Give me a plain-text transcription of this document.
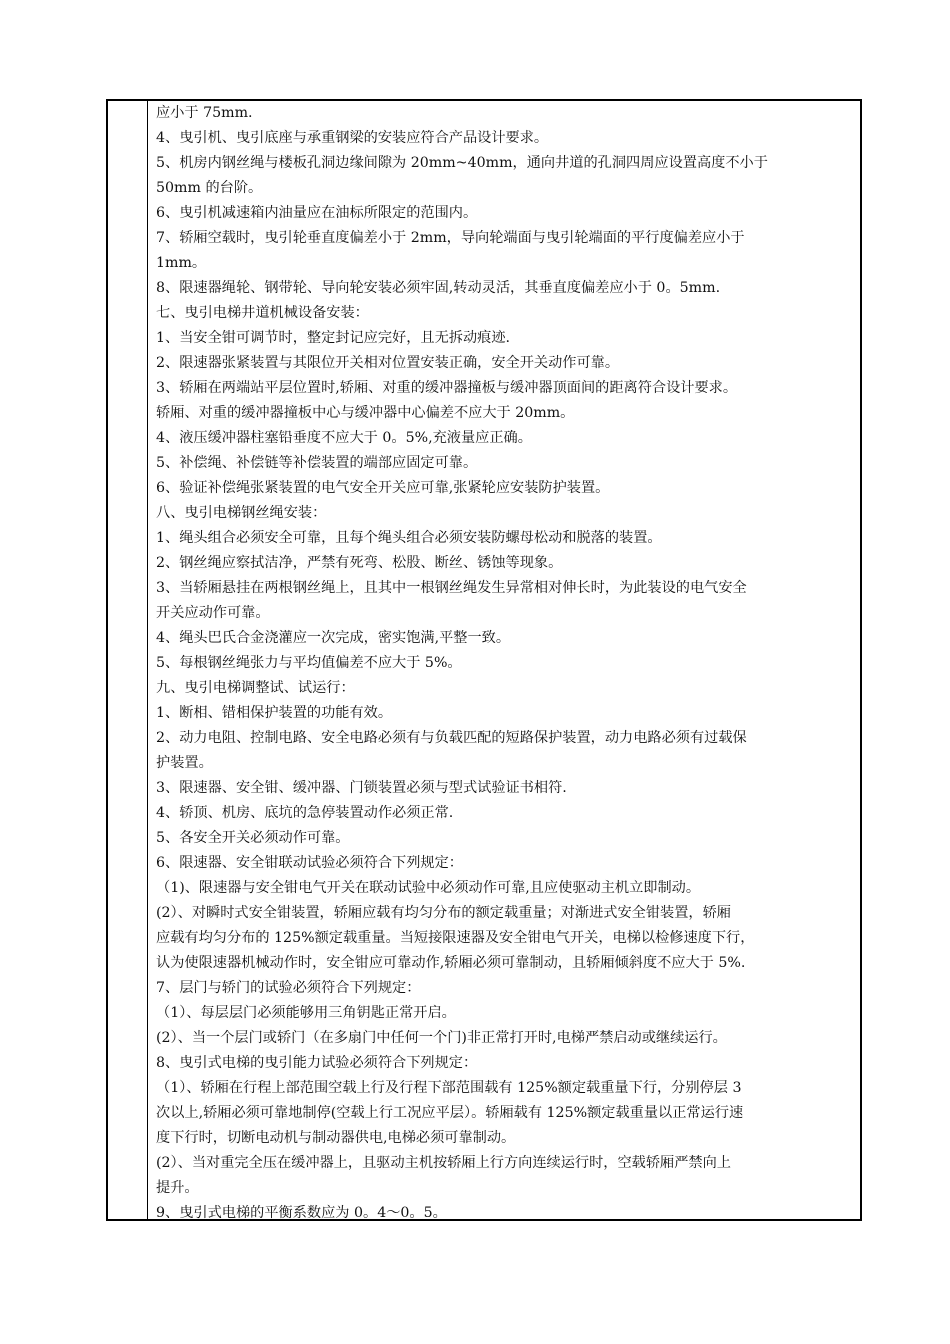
应小于 75mm.
4、曳引机、曳引底座与承重钢梁的安装应符合产品设计要求。
5、机房内钢丝绳与楼板孔洞边缘间隙为 20mm~40mm，通向井道的孔洞四周应设置高度不小于
50mm 的台阶。
6、曳引机减速箱内油量应在油标所限定的范围内。
7、轿厢空载时，曳引轮垂直度偏差小于 2mm，导向轮端面与曳引轮端面的平行度偏差应小于
1mm。
8、限速器绳轮、钢带轮、导向轮安装必须牢固,转动灵活，其垂直度偏差应小于 0。5mm.
七、曳引电梯井道机械设备安装：
1、当安全钳可调节时，整定封记应完好，且无拆动痕迹.
2、限速器张紧装置与其限位开关相对位置安装正确，安全开关动作可靠。
3、轿厢在两端站平层位置时,轿厢、对重的缓冲器撞板与缓冲器顶面间的距离符合设计要求。
轿厢、对重的缓冲器撞板中心与缓冲器中心偏差不应大于 20mm。
4、液压缓冲器柱塞铅垂度不应大于 0。5%,充液量应正确。
5、补偿绳、补偿链等补偿装置的端部应固定可靠。
6、验证补偿绳张紧装置的电气安全开关应可靠,张紧轮应安装防护装置。
八、曳引电梯钢丝绳安装：
1、绳头组合必须安全可靠，且每个绳头组合必须安装防螺母松动和脱落的装置。
2、钢丝绳应察拭洁净，严禁有死弯、松股、断丝、锈蚀等现象。
3、当轿厢悬挂在两根钢丝绳上，且其中一根钢丝绳发生异常相对伸长时，为此装设的电气安全
开关应动作可靠。
4、绳头巴氏合金浇灌应一次完成，密实饱满,平整一致。
5、每根钢丝绳张力与平均值偏差不应大于 5%。
九、曳引电梯调整试、试运行：
1、断相、错相保护装置的功能有效。
2、动力电阻、控制电路、安全电路必须有与负载匹配的短路保护装置，动力电路必须有过载保
护装置。
3、限速器、安全钳、缓冲器、门锁装置必须与型式试验证书相符.
4、轿顶、机房、底坑的急停装置动作必须正常.
5、各安全开关必须动作可靠。
6、限速器、安全钳联动试验必须符合下列规定：
（1)、限速器与安全钳电气开关在联动试验中必须动作可靠,且应使驱动主机立即制动。
(2）、对瞬时式安全钳装置，轿厢应载有均匀分布的额定载重量；对渐进式安全钳装置，轿厢
应载有均匀分布的 125%额定载重量。当短接限速器及安全钳电气开关，电梯以检修速度下行，
认为使限速器机械动作时，安全钳应可靠动作,轿厢必须可靠制动，且轿厢倾斜度不应大于 5%.
7、层门与轿门的试验必须符合下列规定：
（1）、每层层门必须能够用三角钥匙正常开启。
(2）、当一个层门或轿门（在多扇门中任何一个门)非正常打开时,电梯严禁启动或继续运行。
8、曳引式电梯的曳引能力试验必须符合下列规定：
（1）、轿厢在行程上部范围空载上行及行程下部范围载有 125%额定载重量下行，分别停层 3
次以上,轿厢必须可靠地制停(空载上行工况应平层）。轿厢载有 125%额定载重量以正常运行速
度下行时，切断电动机与制动器供电,电梯必须可靠制动。
(2）、当对重完全压在缓冲器上，且驱动主机按轿厢上行方向连续运行时，空载轿厢严禁向上
提升。
9、曳引式电梯的平衡系数应为 0。4～0。5。
